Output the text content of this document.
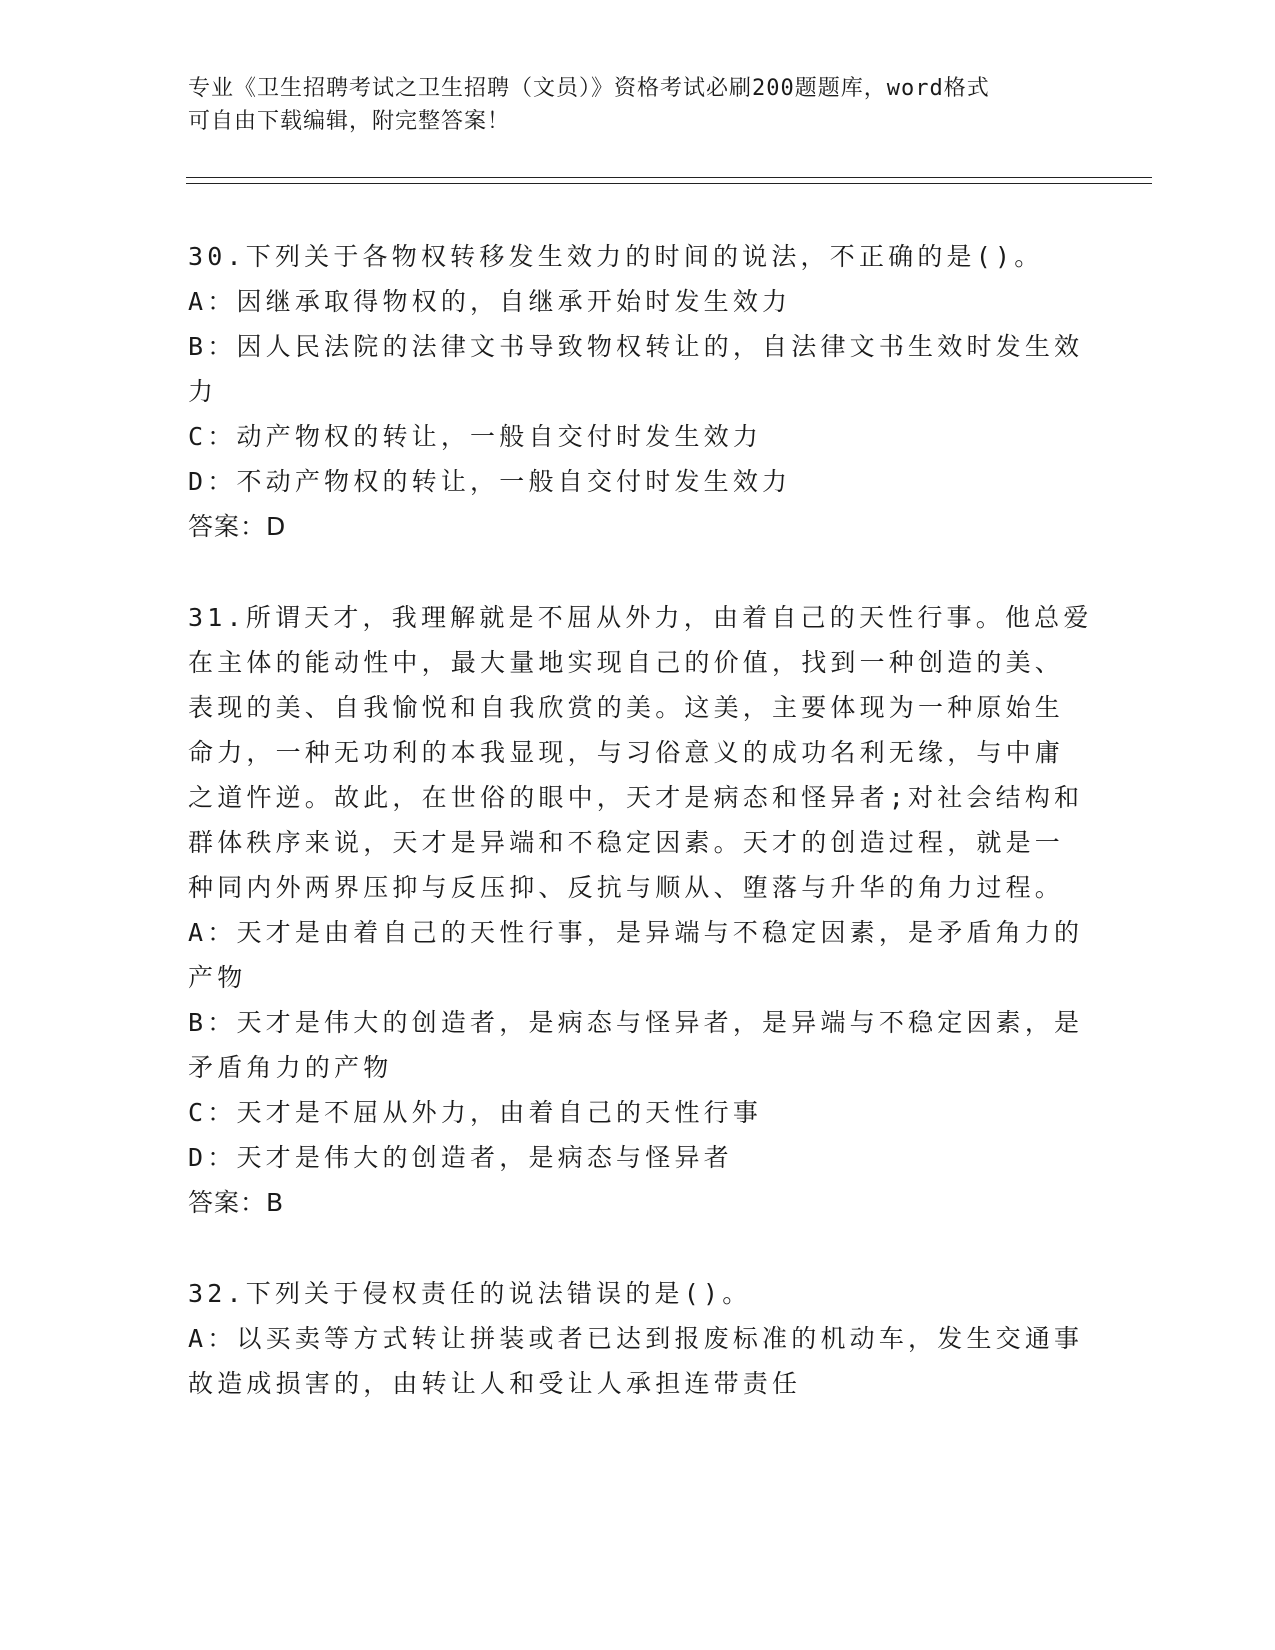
专业《卫生招聘考试之卫生招聘（文员）》资格考试必刷200题题库，word格式
可自由下载编辑，附完整答案！
30.下列关于各物权转移发生效力的时间的说法，不正确的是()。
A：因继承取得物权的，自继承开始时发生效力
B：因人民法院的法律文书导致物权转让的，自法律文书生效时发生效
力
C：动产物权的转让，一般自交付时发生效力
D：不动产物权的转让，一般自交付时发生效力
答案：D
31.所谓天才，我理解就是不屈从外力，由着自己的天性行事。他总爱
在主体的能动性中，最大量地实现自己的价值，找到一种创造的美、
表现的美、自我愉悦和自我欣赏的美。这美，主要体现为一种原始生
命力，一种无功利的本我显现，与习俗意义的成功名利无缘，与中庸
之道忤逆。故此，在世俗的眼中，天才是病态和怪异者;对社会结构和
群体秩序来说，天才是异端和不稳定因素。天才的创造过程，就是一
种同内外两界压抑与反压抑、反抗与顺从、堕落与升华的角力过程。
A：天才是由着自己的天性行事，是异端与不稳定因素，是矛盾角力的
产物
B：天才是伟大的创造者，是病态与怪异者，是异端与不稳定因素，是
矛盾角力的产物
C：天才是不屈从外力，由着自己的天性行事
D：天才是伟大的创造者，是病态与怪异者
答案：B
32.下列关于侵权责任的说法错误的是()。
A：以买卖等方式转让拼装或者已达到报废标准的机动车，发生交通事
故造成损害的，由转让人和受让人承担连带责任
